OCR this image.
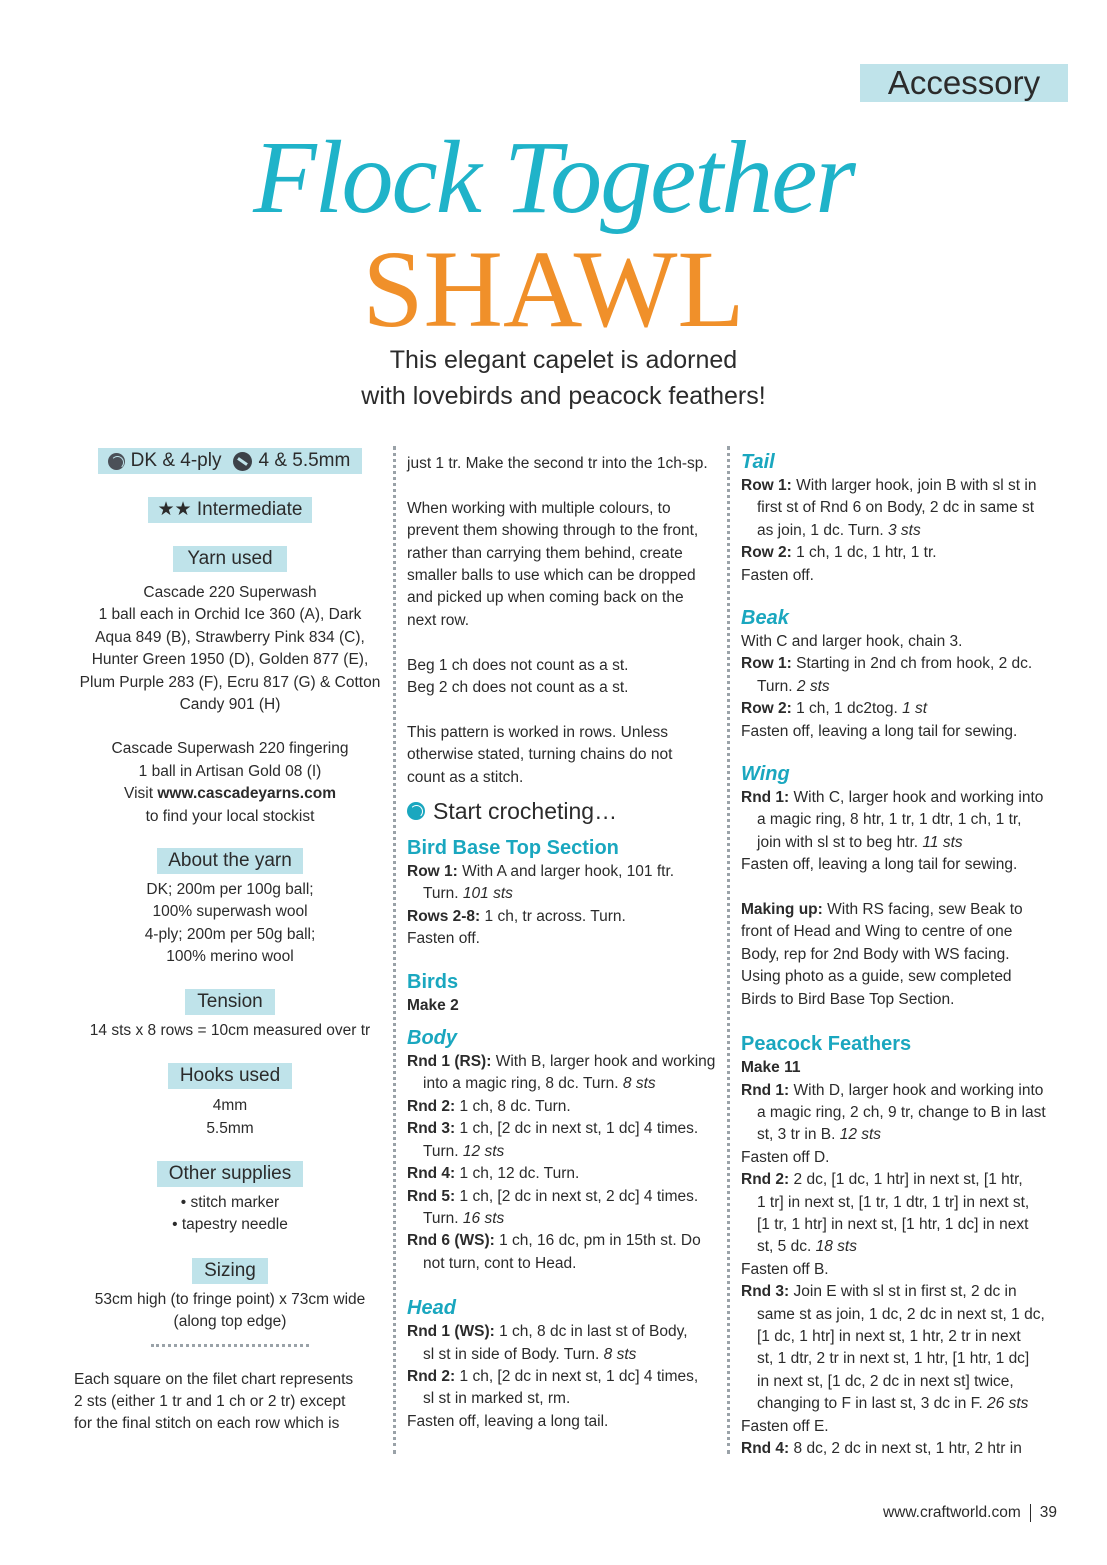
Accessory
Flock Together
SHAWL
This elegant capelet is adorned
with lovebirds and peacock feathers!
DK & 4-ply 4 & 5.5mm
★★ Intermediate
Yarn used
Cascade 220 Superwash
1 ball each in Orchid Ice 360 (A), Dark
Aqua 849 (B), Strawberry Pink 834 (C),
Hunter Green 1950 (D), Golden 877 (E),
Plum Purple 283 (F), Ecru 817 (G) & Cotton
Candy 901 (H)
Cascade Superwash 220 fingering
1 ball in Artisan Gold 08 (I)
Visit www.cascadeyarns.com
to find your local stockist
About the yarn
DK; 200m per 100g ball;
100% superwash wool
4-ply; 200m per 50g ball;
100% merino wool
Tension
14 sts x 8 rows = 10cm measured over tr
Hooks used
4mm
5.5mm
Other supplies
• stitch marker
• tapestry needle
Sizing
53cm high (to fringe point) x 73cm wide
(along top edge)
Each square on the filet chart represents
2 sts (either 1 tr and 1 ch or 2 tr) except
for the final stitch on each row which is

just 1 tr. Make the second tr into the 1ch-sp.

When working with multiple colours, to

prevent them showing through to the front,

rather than carrying them behind, create

smaller balls to use which can be dropped

and picked up when coming back on the

next row.

Beg 1 ch does not count as a st.

Beg 2 ch does not count as a st.

This pattern is worked in rows. Unless

otherwise stated, turning chains do not

count as a stitch.

Start crocheting…

Bird Base Top Section

Row 1: With A and larger hook, 101 ftr.

Turn. 101 sts

Rows 2-8: 1 ch, tr across. Turn.

Fasten off.

Birds

Make 2

Body

Rnd 1 (RS): With B, larger hook and working

into a magic ring, 8 dc. Turn. 8 sts

Rnd 2: 1 ch, 8 dc. Turn.

Rnd 3: 1 ch, [2 dc in next st, 1 dc] 4 times.

Turn. 12 sts

Rnd 4: 1 ch, 12 dc. Turn.

Rnd 5: 1 ch, [2 dc in next st, 2 dc] 4 times.

Turn. 16 sts

Rnd 6 (WS): 1 ch, 16 dc, pm in 15th st. Do

not turn, cont to Head.

Head

Rnd 1 (WS): 1 ch, 8 dc in last st of Body,

sl st in side of Body. Turn. 8 sts

Rnd 2: 1 ch, [2 dc in next st, 1 dc] 4 times,

sl st in marked st, rm.

Fasten off, leaving a long tail.

Tail

Row 1: With larger hook, join B with sl st in

first st of Rnd 6 on Body, 2 dc in same st

as join, 1 dc. Turn. 3 sts

Row 2: 1 ch, 1 dc, 1 htr, 1 tr.

Fasten off.

Beak

With C and larger hook, chain 3.

Row 1: Starting in 2nd ch from hook, 2 dc.

Turn. 2 sts

Row 2: 1 ch, 1 dc2tog. 1 st

Fasten off, leaving a long tail for sewing.

Wing

Rnd 1: With C, larger hook and working into

a magic ring, 8 htr, 1 tr, 1 dtr, 1 ch, 1 tr,

join with sl st to beg htr. 11 sts

Fasten off, leaving a long tail for sewing.

Making up: With RS facing, sew Beak to

front of Head and Wing to centre of one

Body, rep for 2nd Body with WS facing.

Using photo as a guide, sew completed

Birds to Bird Base Top Section.

Peacock Feathers

Make 11

Rnd 1: With D, larger hook and working into

a magic ring, 2 ch, 9 tr, change to B in last

st, 3 tr in B. 12 sts

Fasten off D.

Rnd 2: 2 dc, [1 dc, 1 htr] in next st, [1 htr,

1 tr] in next st, [1 tr, 1 dtr, 1 tr] in next st,

[1 tr, 1 htr] in next st, [1 htr, 1 dc] in next

st, 5 dc. 18 sts

Fasten off B.

Rnd 3: Join E with sl st in first st, 2 dc in

same st as join, 1 dc, 2 dc in next st, 1 dc,

[1 dc, 1 htr] in next st, 1 htr, 2 tr in next

st, 1 dtr, 2 tr in next st, 1 htr, [1 htr, 1 dc]

in next st, [1 dc, 2 dc in next st] twice,

changing to F in last st, 3 dc in F. 26 sts

Fasten off E.

Rnd 4: 8 dc, 2 dc in next st, 1 htr, 2 htr in

www.craftworld.com 39
